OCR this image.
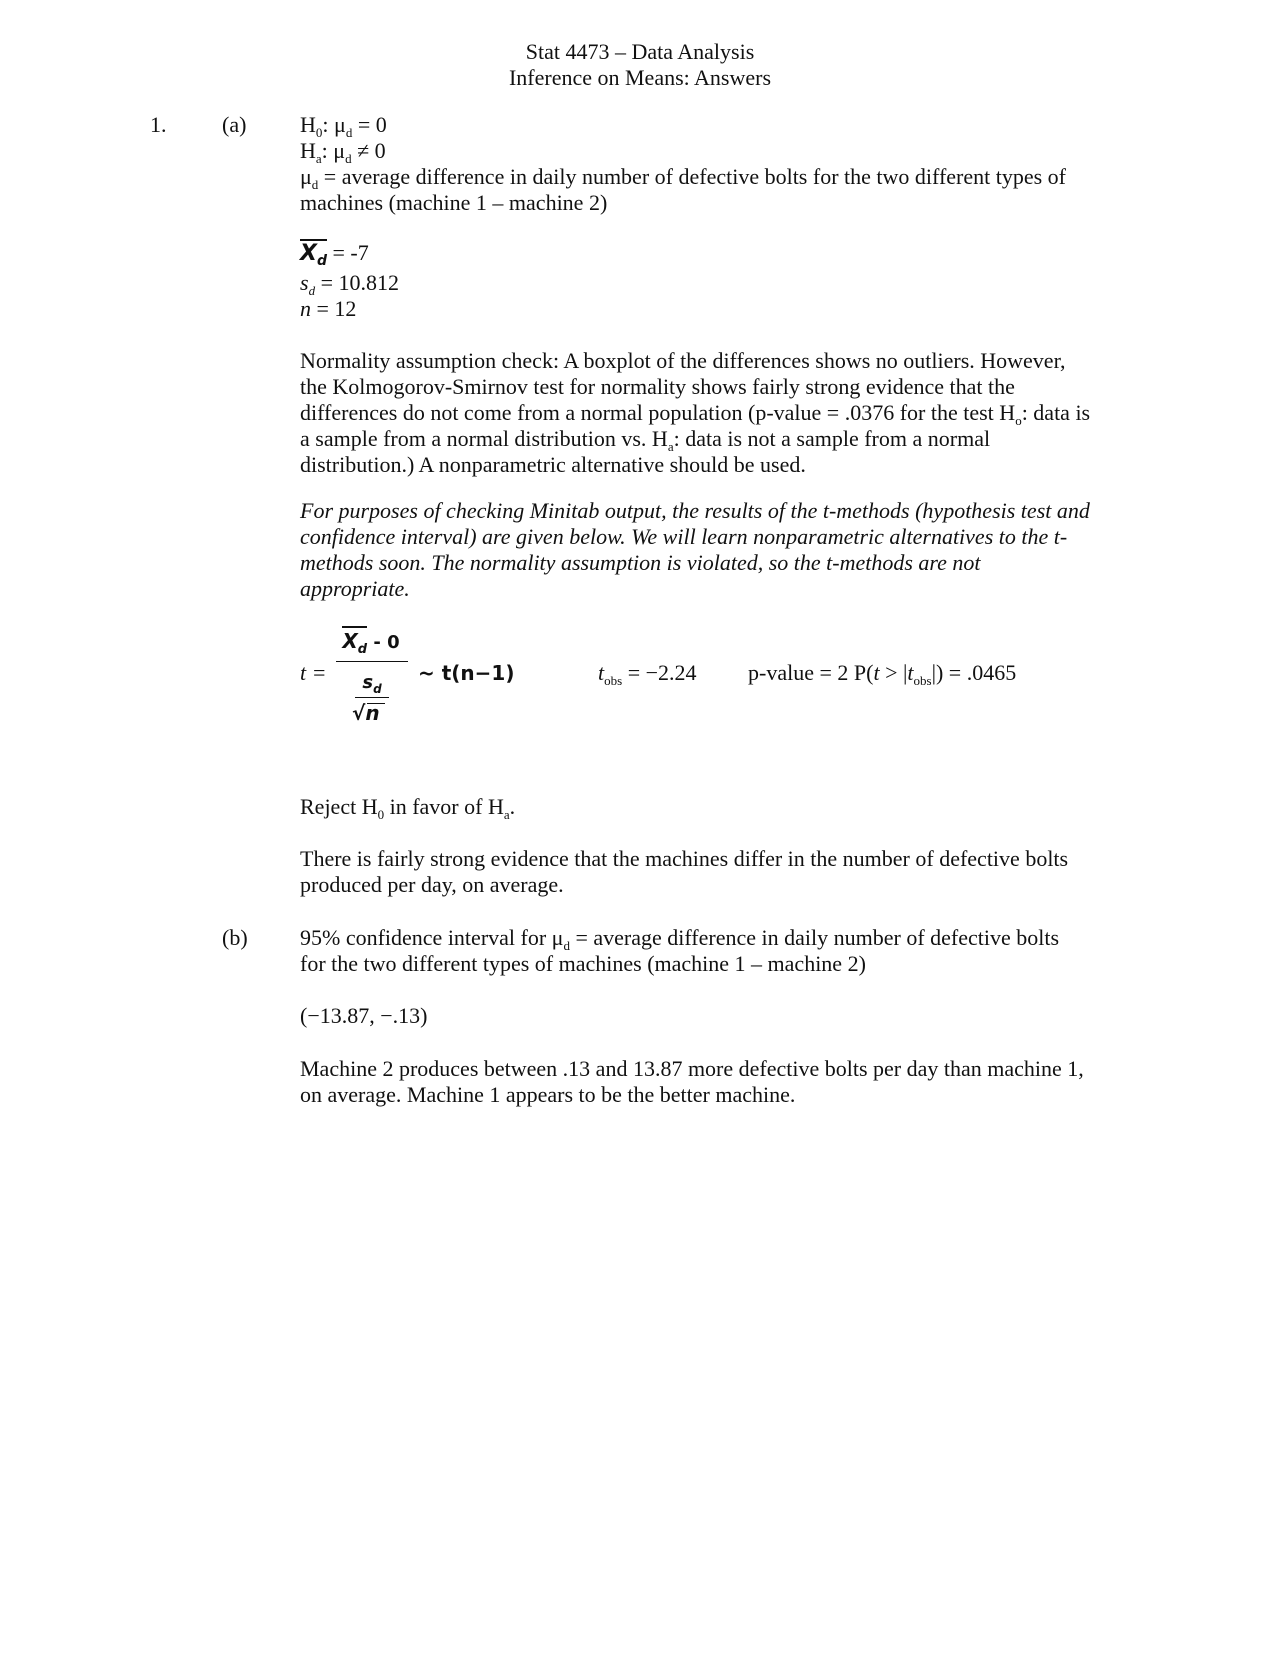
Stat 4473 – Data Analysis
Inference on Means: Answers
1.	(a) $H_0$: $\mu_d = 0$
$H_a$: $\mu_d \ne 0$
$\mu_d$ = average difference in daily number of defective bolts for the two different types of
machines (machine 1 – machine 2)
$X_d = -7$
$s_d = 10.812$
n = 12
Normality assumption check: A boxplot of the differences shows no outliers. However,
the Kolmogorov-Smirnov test for normality shows fairly strong evidence that the
differences do not come from a normal population (p-value = .0376 for the test $H_o$: data is
a sample from a normal distribution vs. $H_a$: data is not a sample from a normal
distribution.) A nonparametric alternative should be used.
For purposes of checking Minitab output, the results of the t-methods (hypothesis test and
confidence interval) are given below. We will learn nonparametric alternatives to the t-
methods soon. The normality assumption is violated, so the t-methods are not
appropriate.
t =
$X_d - 0$
$s_d$
√n
~ t(n−1)	$t_{obs} = -2.24$ p-value = 2 $P(t > |t_{obs}|) = .0465$
Reject $H_0$ in favor of $H_a$.
There is fairly strong evidence that the machines differ in the number of defective bolts
produced per day, on average.
(b) 95% confidence interval for $\mu_d$ = average difference in daily number of defective bolts
for the two different types of machines (machine 1 – machine 2)
(−13.87, −.13)
Machine 2 produces between .13 and 13.87 more defective bolts per day than machine 1,
on average. Machine 1 appears to be the better machine.
